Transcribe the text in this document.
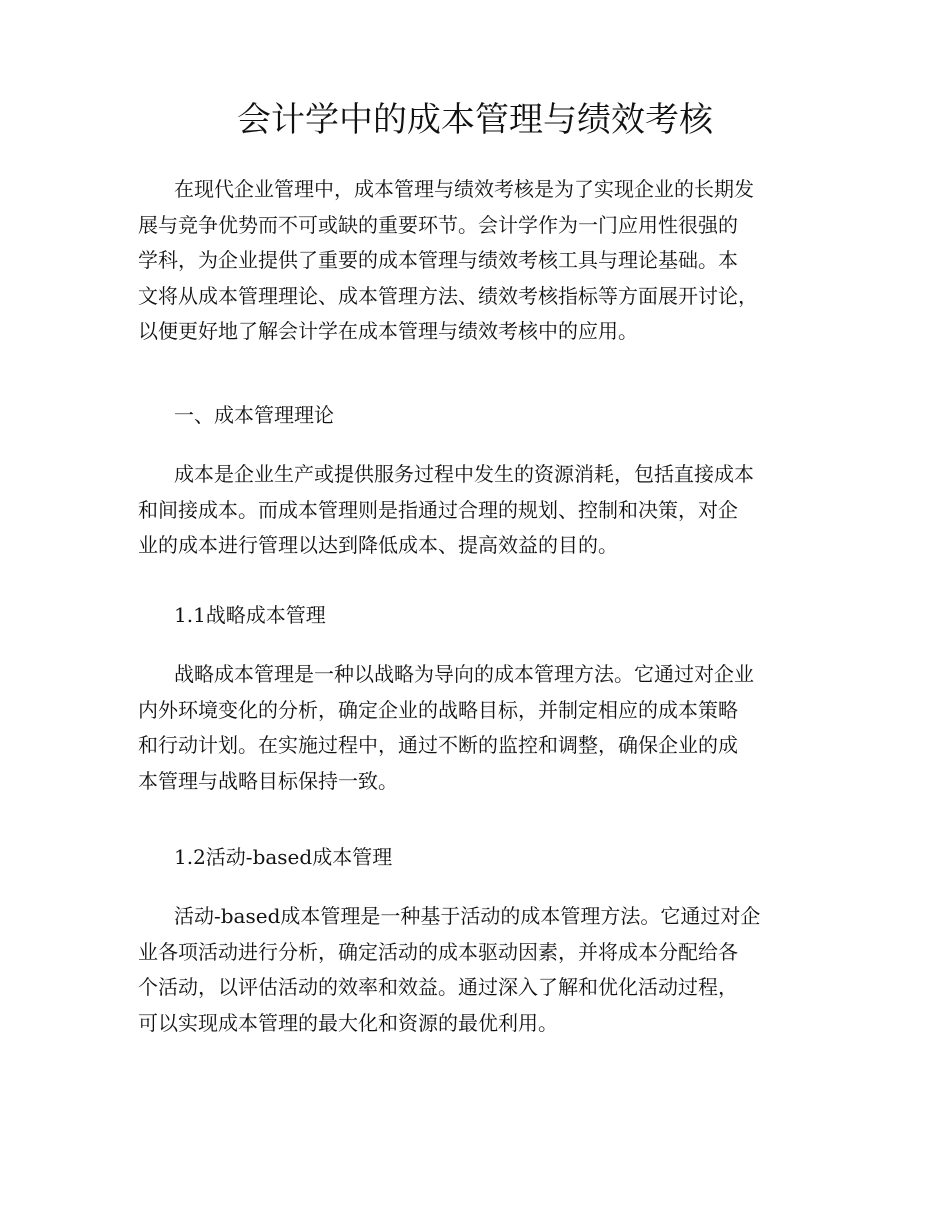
会计学中的成本管理与绩效考核

在现代企业管理中，成本管理与绩效考核是为了实现企业的长期发
展与竞争优势而不可或缺的重要环节。会计学作为一门应用性很强的
学科，为企业提供了重要的成本管理与绩效考核工具与理论基础。本
文将从成本管理理论、成本管理方法、绩效考核指标等方面展开讨论，
以便更好地了解会计学在成本管理与绩效考核中的应用。

一、成本管理理论

成本是企业生产或提供服务过程中发生的资源消耗，包括直接成本
和间接成本。而成本管理则是指通过合理的规划、控制和决策，对企
业的成本进行管理以达到降低成本、提高效益的目的。

1.1战略成本管理

战略成本管理是一种以战略为导向的成本管理方法。它通过对企业
内外环境变化的分析，确定企业的战略目标，并制定相应的成本策略
和行动计划。在实施过程中，通过不断的监控和调整，确保企业的成
本管理与战略目标保持一致。

1.2活动-based成本管理

活动-based成本管理是一种基于活动的成本管理方法。它通过对企
业各项活动进行分析，确定活动的成本驱动因素，并将成本分配给各
个活动，以评估活动的效率和效益。通过深入了解和优化活动过程，
可以实现成本管理的最大化和资源的最优利用。
